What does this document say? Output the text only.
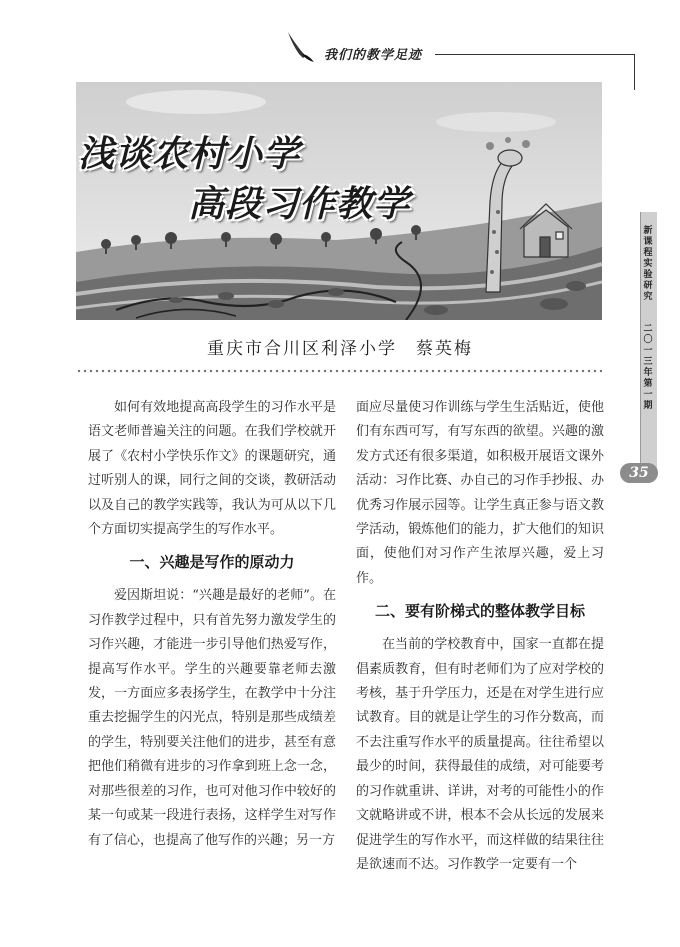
我们的教学足迹
浅谈农村小学
高段习作教学
重庆市合川区利泽小学　蔡英梅

如何有效地提高高段学生的习作水平是语文老师普遍关注的问题。在我们学校就开展了《农村小学快乐作文》的课题研究，通过听别人的课，同行之间的交谈，教研活动以及自己的教学实践等，我认为可从以下几个方面切实提高学生的写作水平。

一、兴趣是写作的原动力

爱因斯坦说：“兴趣是最好的老师”。在习作教学过程中，只有首先努力激发学生的习作兴趣，才能进一步引导他们热爱写作，提高写作水平。学生的兴趣要靠老师去激发，一方面应多表扬学生，在教学中十分注重去挖掘学生的闪光点，特别是那些成绩差的学生，特别要关注他们的进步，甚至有意把他们稍微有进步的习作拿到班上念一念，对那些很差的习作，也可对他习作中较好的某一句或某一段进行表扬，这样学生对写作有了信心，也提高了他写作的兴趣；另一方

面应尽量使习作训练与学生生活贴近，使他们有东西可写，有写东西的欲望。兴趣的激发方式还有很多渠道，如积极开展语文课外活动：习作比赛、办自己的习作手抄报、办优秀习作展示园等。让学生真正参与语文教学活动，锻炼他们的能力，扩大他们的知识面，使他们对习作产生浓厚兴趣，爱上习作。

二、要有阶梯式的整体教学目标

在当前的学校教育中，国家一直都在提倡素质教育，但有时老师们为了应对学校的考核，基于升学压力，还是在对学生进行应试教育。目的就是让学生的习作分数高，而不去注重写作水平的质量提高。往往希望以最少的时间，获得最佳的成绩，对可能要考的习作就重讲、详讲，对考的可能性小的作文就略讲或不讲，根本不会从长远的发展来促进学生的写作水平，而这样做的结果往往是欲速而不达。习作教学一定要有一个

新课程实验研究
二〇一三年第一期
35
